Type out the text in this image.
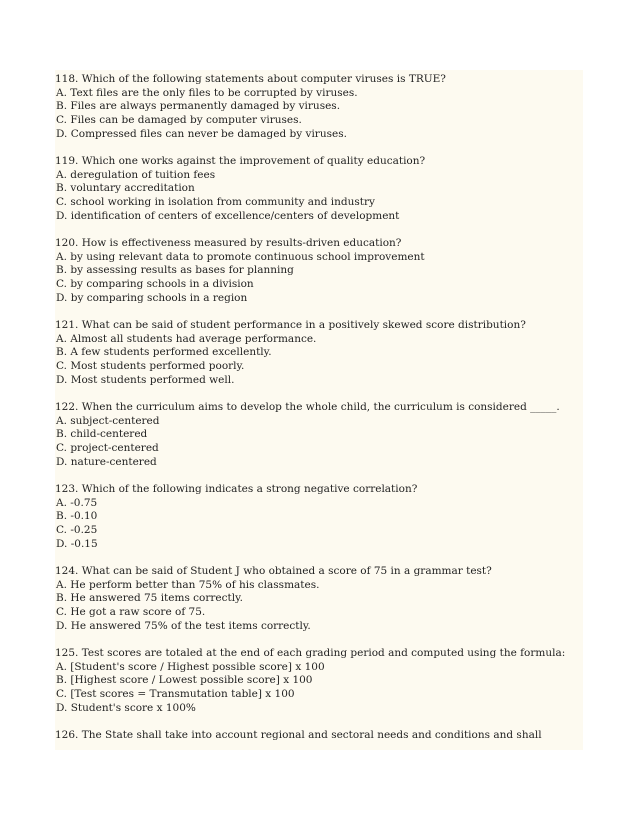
118. Which of the following statements about computer viruses is TRUE?
A. Text files are the only files to be corrupted by viruses.
B. Files are always permanently damaged by viruses.
C. Files can be damaged by computer viruses.
D. Compressed files can never be damaged by viruses.
119. Which one works against the improvement of quality education?
A. deregulation of tuition fees
B. voluntary accreditation
C. school working in isolation from community and industry
D. identification of centers of excellence/centers of development
120. How is effectiveness measured by results-driven education?
A. by using relevant data to promote continuous school improvement
B. by assessing results as bases for planning
C. by comparing schools in a division
D. by comparing schools in a region
121. What can be said of student performance in a positively skewed score distribution?
A. Almost all students had average performance.
B. A few students performed excellently.
C. Most students performed poorly.
D. Most students performed well.
122. When the curriculum aims to develop the whole child, the curriculum is considered _____.
A. subject-centered
B. child-centered
C. project-centered
D. nature-centered
123. Which of the following indicates a strong negative correlation?
A. -0.75
B. -0.10
C. -0.25
D. -0.15
124. What can be said of Student J who obtained a score of 75 in a grammar test?
A. He perform better than 75% of his classmates.
B. He answered 75 items correctly.
C. He got a raw score of 75.
D. He answered 75% of the test items correctly.
125. Test scores are totaled at the end of each grading period and computed using the formula:
A. [Student's score / Highest possible score] x 100
B. [Highest score / Lowest possible score] x 100
C. [Test scores = Transmutation table] x 100
D. Student's score x 100%
126. The State shall take into account regional and sectoral needs and conditions and shall
